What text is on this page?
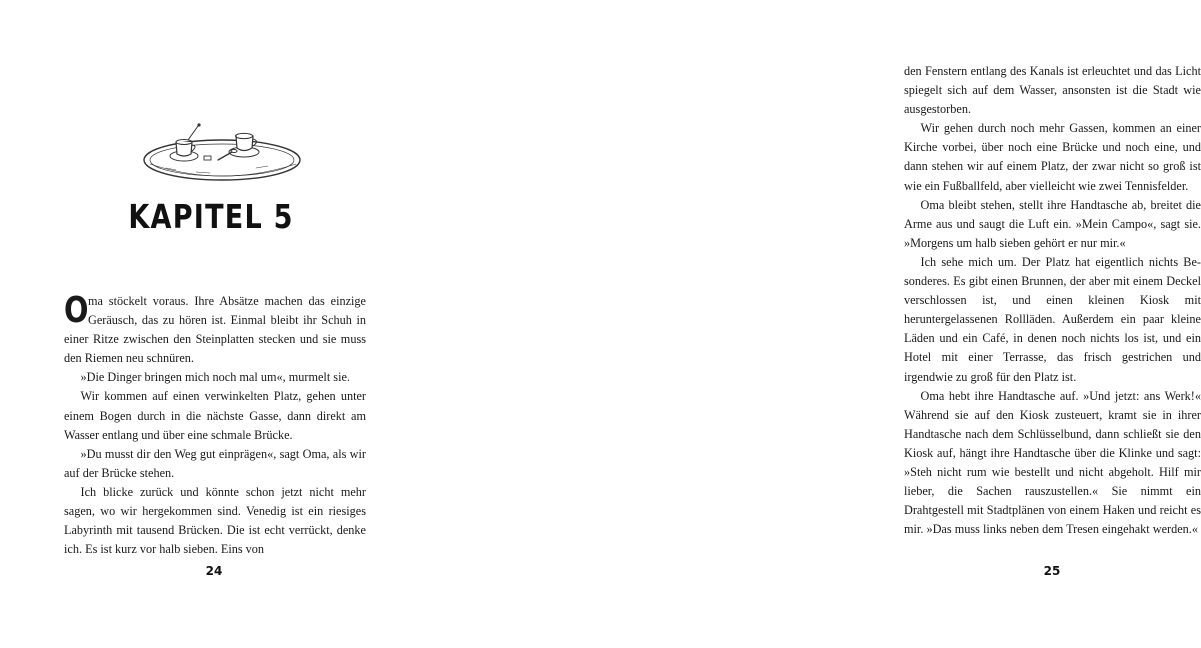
KAPITEL 5

Oma stöckelt voraus. Ihre Absätze machen das einzige Geräusch, das zu hören ist. Einmal bleibt ihr Schuh in einer Ritze zwischen den Steinplatten stecken und sie muss den Riemen neu schnüren.

»Die Dinger bringen mich noch mal um«, murmelt sie.

Wir kommen auf einen verwinkelten Platz, gehen unter einem Bogen durch in die nächste Gasse, dann direkt am Wasser entlang und über eine schmale Brücke.

»Du musst dir den Weg gut einprägen«, sagt Oma, als wir auf der Brücke stehen.

Ich blicke zurück und könnte schon jetzt nicht mehr sagen, wo wir hergekommen sind. Venedig ist ein riesiges Labyrinth mit tausend Brücken. Die ist echt verrückt, denke ich. Es ist kurz vor halb sieben. Eins von

24

den Fenstern entlang des Kanals ist erleuchtet und das Licht spiegelt sich auf dem Wasser, ansonsten ist die Stadt wie ausgestorben.

Wir gehen durch noch mehr Gassen, kommen an einer Kirche vorbei, über noch eine Brücke und noch eine, und dann stehen wir auf einem Platz, der zwar nicht so groß ist wie ein Fußballfeld, aber vielleicht wie zwei Tennisfelder.

Oma bleibt stehen, stellt ihre Handtasche ab, breitet die Arme aus und saugt die Luft ein. »Mein Campo«, sagt sie. »Morgens um halb sieben gehört er nur mir.«

Ich sehe mich um. Der Platz hat eigentlich nichts Besonderes. Es gibt einen Brunnen, der aber mit einem Deckel verschlossen ist, und einen kleinen Kiosk mit heruntergelassenen Rollläden. Außerdem ein paar kleine Läden und ein Café, in denen noch nichts los ist, und ein Hotel mit einer Terrasse, das frisch gestrichen und irgendwie zu groß für den Platz ist.

Oma hebt ihre Handtasche auf. »Und jetzt: ans Werk!« Während sie auf den Kiosk zusteuert, kramt sie in ihrer Handtasche nach dem Schlüsselbund, dann schließt sie den Kiosk auf, hängt ihre Handtasche über die Klinke und sagt: »Steh nicht rum wie bestellt und nicht abgeholt. Hilf mir lieber, die Sachen rauszustellen.« Sie nimmt ein Drahtgestell mit Stadtplänen von einem Haken und reicht es mir. »Das muss links neben dem Tresen eingehakt werden.«

25
